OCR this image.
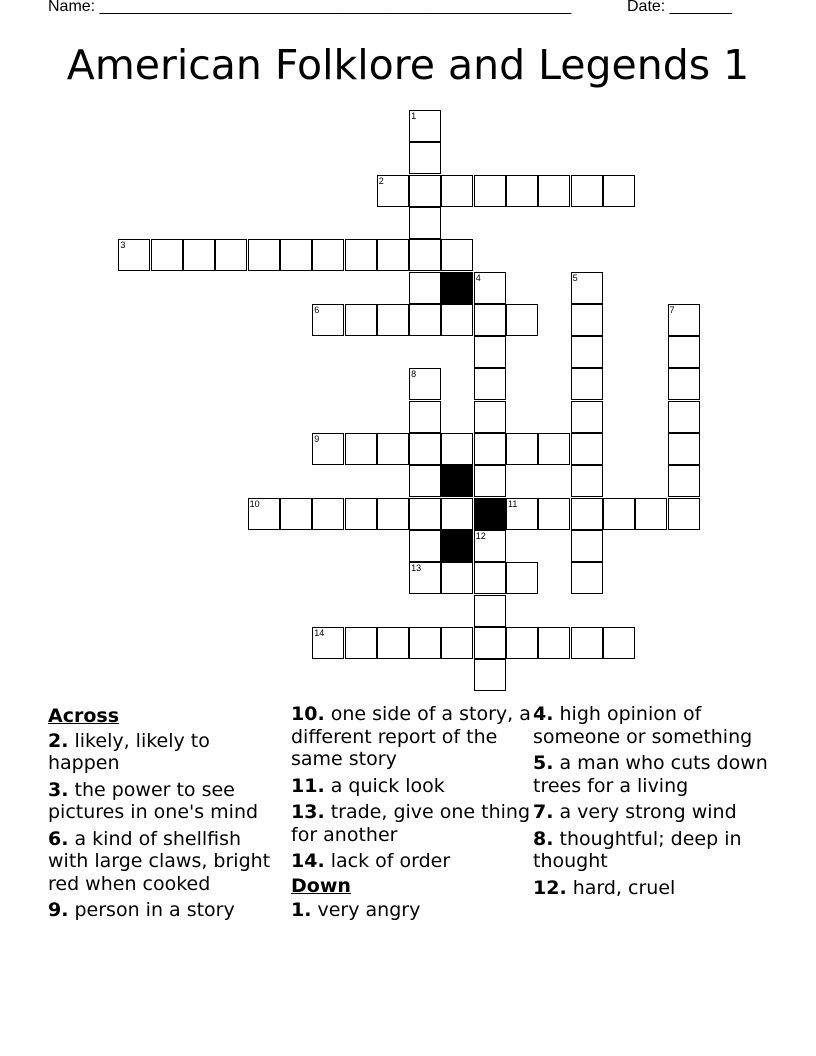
Name: _____________________________________________________	Date: _______
American Folklore and Legends 1
1
2
3
4	5
6	7
8
9
10	11
12
13
14
Across
2. likely, likely to happen
3. the power to see pictures in one's mind
6. a kind of shellfish with large claws, bright red when cooked
9. person in a story
10. one side of a story, a different report of the same story
11. a quick look
13. trade, give one thing for another
14. lack of order
Down
1. very angry
4. high opinion of someone or something
5. a man who cuts down trees for a living
7. a very strong wind
8. thoughtful; deep in thought
12. hard, cruel
